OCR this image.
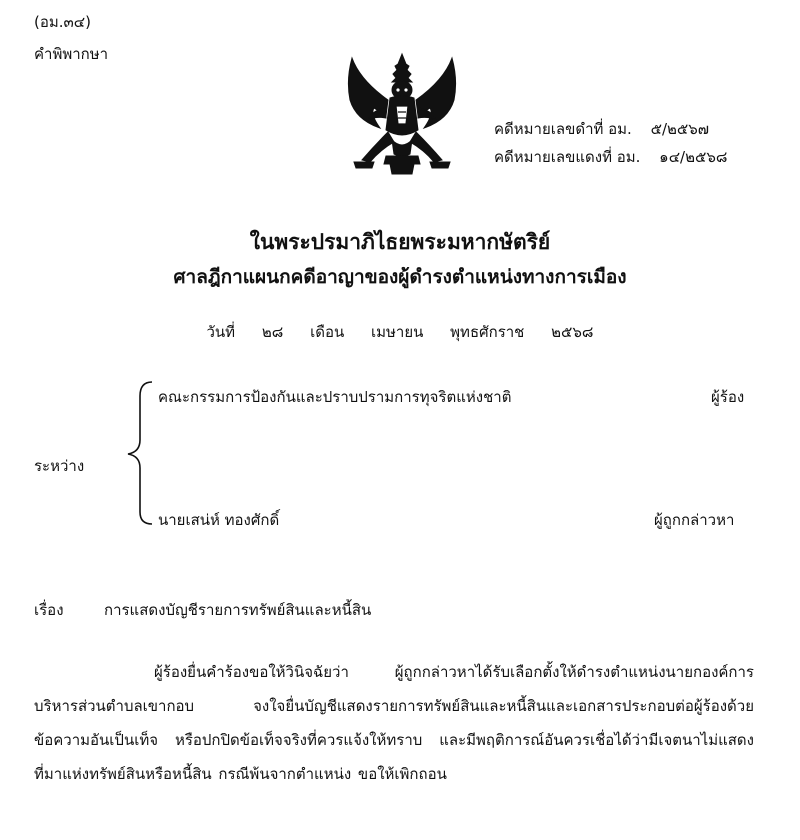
(อม.๓๔)
คำพิพากษา
คดีหมายเลขดำที่ อม. ๕/๒๕๖๗
คดีหมายเลขแดงที่ อม. ๑๔/๒๕๖๘
ในพระปรมาภิไธยพระมหากษัตริย์
ศาลฎีกาแผนกคดีอาญาของผู้ดำรงตำแหน่งทางการเมือง
วันที่ ๒๘ เดือน เมษายน พุทธศักราช ๒๕๖๘
คณะกรรมการป้องกันและปราบปรามการทุจริตแห่งชาติ	ผู้ร้อง
ระหว่าง
นายเสน่ห์ ทองศักดิ์	ผู้ถูกกล่าวหา
เรื่อง	การแสดงบัญชีรายการทรัพย์สินและหนี้สิน
ผู้ร้องยื่นคำร้องขอให้วินิจฉัยว่า ผู้ถูกกล่าวหาได้รับเลือกตั้งให้ดำรงตำแหน่งนายกองค์การบริหารส่วนตำบลเขากอบ จงใจยื่นบัญชีแสดงรายการทรัพย์สินและหนี้สินและเอกสารประกอบต่อผู้ร้องด้วยข้อความอันเป็นเท็จ หรือปกปิดข้อเท็จจริงที่ควรแจ้งให้ทราบ และมีพฤติการณ์อันควรเชื่อได้ว่ามีเจตนาไม่แสดงที่มาแห่งทรัพย์สินหรือหนี้สิน กรณีพ้นจากตำแหน่ง ขอให้เพิกถอน
